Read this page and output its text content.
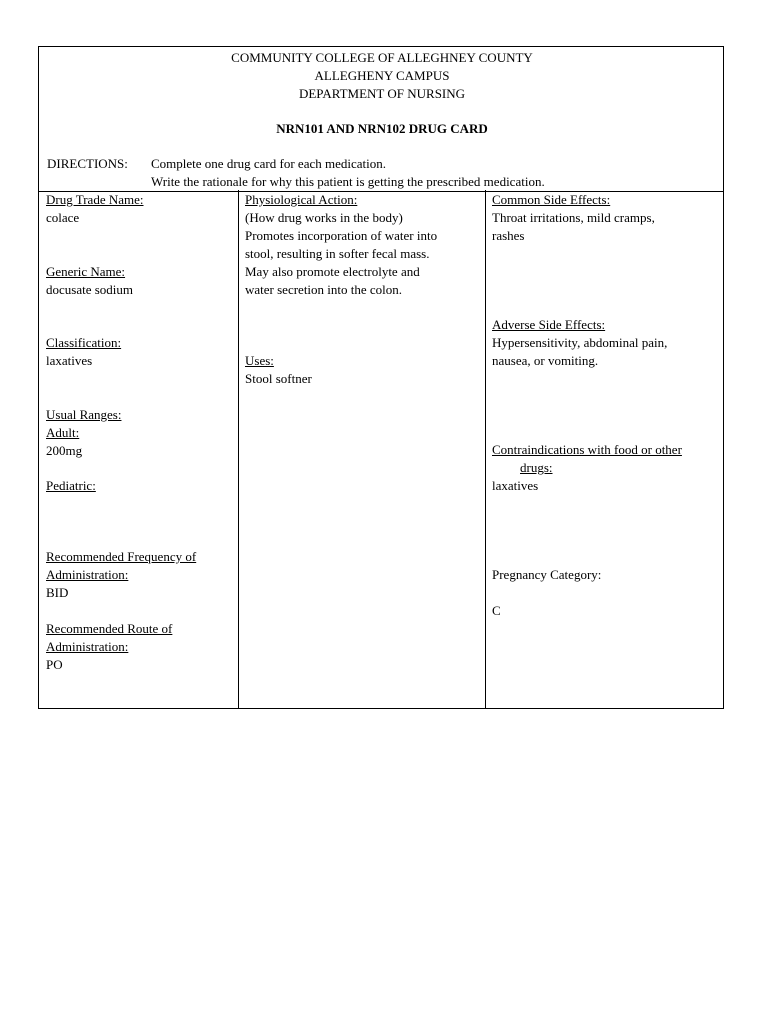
COMMUNITY COLLEGE OF ALLEGHNEY COUNTY
ALLEGHENY CAMPUS
DEPARTMENT OF NURSING
NRN101 AND NRN102 DRUG CARD
DIRECTIONS: Complete one drug card for each medication.
Write the rationale for why this patient is getting the prescribed medication.
Drug Trade Name:
colace
Generic Name:
docusate sodium
Classification:
laxatives
Usual Ranges:
Adult:
200mg
Pediatric:
Recommended Frequency of
Administration:
BID
Recommended Route of
Administration:
PO
Physiological Action:
(How drug works in the body)
Promotes incorporation of water into
stool, resulting in softer fecal mass.
May also promote electrolyte and
water secretion into the colon.
Uses:
Stool softner
Common Side Effects:
Throat irritations, mild cramps,
rashes
Adverse Side Effects:
Hypersensitivity, abdominal pain,
nausea, or vomiting.
Contraindications with food or other
drugs:
laxatives
Pregnancy Category:
C
